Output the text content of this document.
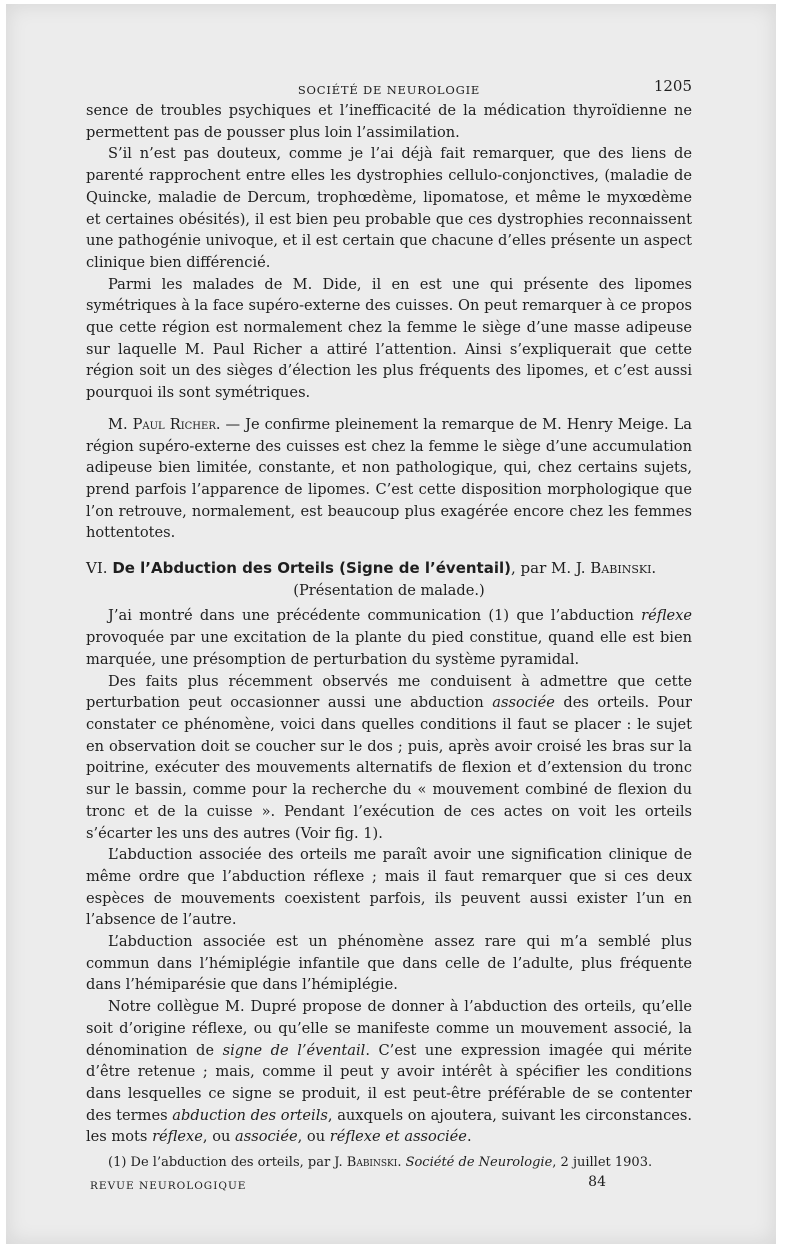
SOCIÉTÉ DE NEUROLOGIE	1205

sence de troubles psychiques et l’inefficacité de la médication thyroïdienne ne permettent pas de pousser plus loin l’assimilation.

S’il n’est pas douteux, comme je l’ai déjà fait remarquer, que des liens de parenté rapprochent entre elles les dystrophies cellulo-conjonctives, (maladie de Quincke, maladie de Dercum, trophœdème, lipomatose, et même le myxœdème et certaines obésités), il est bien peu probable que ces dystrophies reconnaissent une pathogénie univoque, et il est certain que chacune d’elles présente un aspect clinique bien différencié.

Parmi les malades de M. Dide, il en est une qui présente des lipomes symétriques à la face supéro-externe des cuisses. On peut remarquer à ce propos que cette région est normalement chez la femme le siège d’une masse adipeuse sur laquelle M. Paul Richer a attiré l’attention. Ainsi s’expliquerait que cette région soit un des sièges d’élection les plus fréquents des lipomes, et c’est aussi pourquoi ils sont symétriques.

M. Paul Richer. — Je confirme pleinement la remarque de M. Henry Meige. La région supéro-externe des cuisses est chez la femme le siège d’une accumulation adipeuse bien limitée, constante, et non pathologique, qui, chez certains sujets, prend parfois l’apparence de lipomes. C’est cette disposition morphologique que l’on retrouve, normalement, est beaucoup plus exagérée encore chez les femmes hottentotes.

VI. De l’Abduction des Orteils (Signe de l’éventail), par M. J. Babinski.

(Présentation de malade.)

J’ai montré dans une précédente communication (1) que l’abduction réflexe provoquée par une excitation de la plante du pied constitue, quand elle est bien marquée, une présomption de perturbation du système pyramidal.

Des faits plus récemment observés me conduisent à admettre que cette perturbation peut occasionner aussi une abduction associée des orteils. Pour constater ce phénomène, voici dans quelles conditions il faut se placer : le sujet en observation doit se coucher sur le dos ; puis, après avoir croisé les bras sur la poitrine, exécuter des mouvements alternatifs de flexion et d’extension du tronc sur le bassin, comme pour la recherche du « mouvement combiné de flexion du tronc et de la cuisse ». Pendant l’exécution de ces actes on voit les orteils s’écarter les uns des autres (Voir fig. 1).

L’abduction associée des orteils me paraît avoir une signification clinique de même ordre que l’abduction réflexe ; mais il faut remarquer que si ces deux espèces de mouvements coexistent parfois, ils peuvent aussi exister l’un en l’absence de l’autre.

L’abduction associée est un phénomène assez rare qui m’a semblé plus commun dans l’hémiplégie infantile que dans celle de l’adulte, plus fréquente dans l’hémiparésie que dans l’hémiplégie.

Notre collègue M. Dupré propose de donner à l’abduction des orteils, qu’elle soit d’origine réflexe, ou qu’elle se manifeste comme un mouvement associé, la dénomination de signe de l’éventail. C’est une expression imagée qui mérite d’être retenue ; mais, comme il peut y avoir intérêt à spécifier les conditions dans lesquelles ce signe se produit, il est peut-être préférable de se contenter des termes abduction des orteils, auxquels on ajoutera, suivant les circonstances. les mots réflexe, ou associée, ou réflexe et associée.

(1) De l’abduction des orteils, par J. Babinski. Société de Neurologie, 2 juillet 1903.

REVUE NEUROLOGIQUE	84
